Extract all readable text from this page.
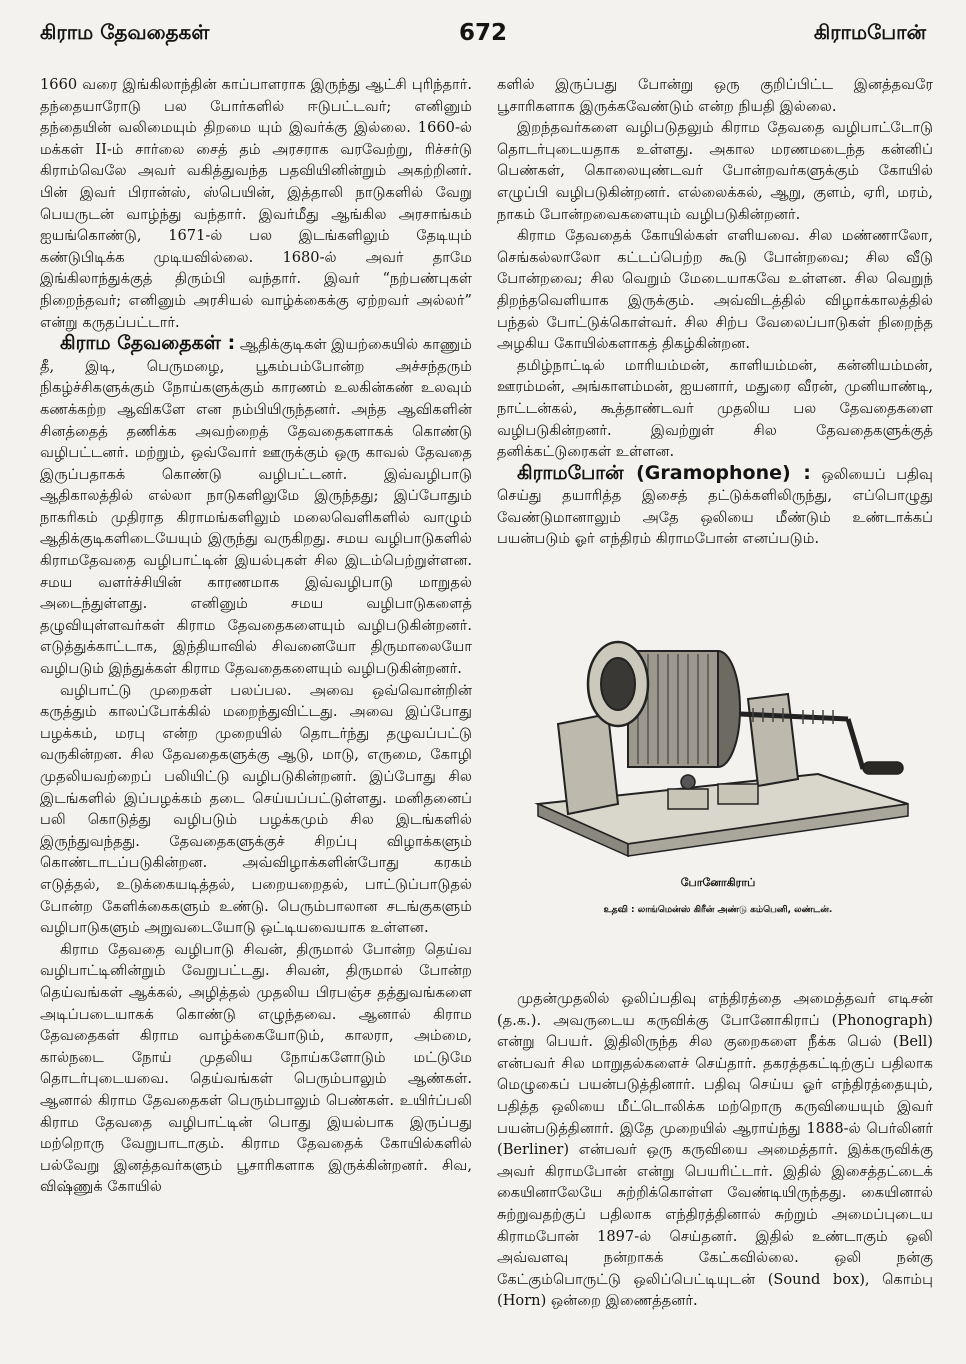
கிராம தேவதைகள்	672	கிராமபோன்

1660 வரை இங்கிலாந்தின் காப்பாளராக இருந்து ஆட்சி புரிந்தார். தந்தையாரோடு பல போர்களில் ஈடுபட்டவர்; எனினும் தந்தையின் வலிமையும் திறமை யும் இவர்க்கு இல்லை. 1660-ல் மக்கள் II-ம் சார்லை சைத் தம் அரசராக வரவேற்று, ரிச்சர்டு கிராம்வெலே அவர் வகித்துவந்த பதவியினின்றும் அகற்றினர். பின் இவர் பிரான்ஸ், ஸ்பெயின், இத்தாலி நாடுகளில் வேறு பெயருடன் வாழ்ந்து வந்தார். இவர்மீது ஆங்கில அரசாங்கம் ஐயங்கொண்டு, 1671-ல் பல இடங்களிலும் தேடியும் கண்டுபிடிக்க முடியவில்லை. 1680-ல் அவர் தாமே இங்கிலாந்துக்குத் திரும்பி வந்தார். இவர் “நற்பண்புகள் நிறைந்தவர்; எனினும் அரசியல் வாழ்க்கைக்கு ஏற்றவர் அல்லர்” என்று கருதப்பட்டார்.

கிராம தேவதைகள் : ஆதிக்குடிகள் இயற்கையில் காணும் தீ, இடி, பெருமழை, பூகம்பம்போன்ற அச்சந்தரும் நிகழ்ச்சிகளுக்கும் நோய்களுக்கும் காரணம் உலகின்கண் உலவும் கணக்கற்ற ஆவிகளே என நம்பியிருந்தனர். அந்த ஆவிகளின் சினத்தைத் தணிக்க அவற்றைத் தேவதைகளாகக் கொண்டு வழிபட்டனர். மற்றும், ஒவ்வோர் ஊருக்கும் ஒரு காவல் தேவதை இருப்பதாகக் கொண்டு வழிபட்டனர். இவ்வழிபாடு ஆதிகாலத்தில் எல்லா நாடுகளிலுமே இருந்தது; இப்போதும் நாகரிகம் முதிராத கிராமங்களிலும் மலைவெளிகளில் வாழும் ஆதிக்குடிகளிடையேயும் இருந்து வருகிறது. சமய வழிபாடுகளில் கிராமதேவதை வழிபாட்டின் இயல்புகள் சில இடம்பெற்றுள்ளன. சமய வளர்ச்சியின் காரணமாக இவ்வழிபாடு மாறுதல் அடைந்துள்ளது. எனினும் சமய வழிபாடுகளைத் தழுவியுள்ளவர்கள் கிராம தேவதைகளையும் வழிபடுகின்றனர். எடுத்துக்காட்டாக, இந்தியாவில் சிவனையோ திருமாலையோ வழிபடும் இந்துக்கள் கிராம தேவதைகளையும் வழிபடுகின்றனர்.

வழிபாட்டு முறைகள் பலப்பல. அவை ஒவ்வொன்றின் கருத்தும் காலப்போக்கில் மறைந்துவிட்டது. அவை இப்போது பழக்கம், மரபு என்ற முறையில் தொடர்ந்து தழுவப்பட்டு வருகின்றன. சில தேவதைகளுக்கு ஆடு, மாடு, எருமை, கோழி முதலியவற்றைப் பலியிட்டு வழிபடுகின்றனர். இப்போது சில இடங்களில் இப்பழக்கம் தடை செய்யப்பட்டுள்ளது. மனிதனைப் பலி கொடுத்து வழிபடும் பழக்கமும் சில இடங்களில் இருந்துவந்தது. தேவதைகளுக்குச் சிறப்பு விழாக்களும் கொண்டாடப்படுகின்றன. அவ்விழாக்களின்போது கரகம் எடுத்தல், உடுக்கையடித்தல், பறையறைதல், பாட்டுப்பாடுதல் போன்ற கேளிக்கைகளும் உண்டு. பெரும்பாலான சடங்குகளும் வழிபாடுகளும் அறுவடையோடு ஒட்டியவையாக உள்ளன.

கிராம தேவதை வழிபாடு சிவன், திருமால் போன்ற தெய்வ வழிபாட்டினின்றும் வேறுபட்டது. சிவன், திருமால் போன்ற தெய்வங்கள் ஆக்கல், அழித்தல் முதலிய பிரபஞ்ச தத்துவங்களை அடிப்படையாகக் கொண்டு எழுந்தவை. ஆனால் கிராம தேவதைகள் கிராம வாழ்க்கையோடும், காலரா, அம்மை, கால்நடை நோய் முதலிய நோய்களோடும் மட்டுமே தொடர்புடையவை. தெய்வங்கள் பெரும்பாலும் ஆண்கள். ஆனால் கிராம தேவதைகள் பெரும்பாலும் பெண்கள். உயிர்ப்பலி கிராம தேவதை வழிபாட்டின் பொது இயல்பாக இருப்பது மற்றொரு வேறுபாடாகும். கிராம தேவதைக் கோயில்களில் பல்வேறு இனத்தவர்களும் பூசாரிகளாக இருக்கின்றனர். சிவ, விஷ்ணுக் கோயில்

களில் இருப்பது போன்று ஒரு குறிப்பிட்ட இனத்தவரே பூசாரிகளாக இருக்கவேண்டும் என்ற நியதி இல்லை.

இறந்தவர்களை வழிபடுதலும் கிராம தேவதை வழிபாட்டோடு தொடர்புடையதாக உள்ளது. அகால மரணமடைந்த கன்னிப் பெண்கள், கொலையுண்டவர் போன்றவர்களுக்கும் கோயில் எழுப்பி வழிபடுகின்றனர். எல்லைக்கல், ஆறு, குளம், ஏரி, மரம், நாகம் போன்றவைகளையும் வழிபடுகின்றனர்.

கிராம தேவதைக் கோயில்கள் எளியவை. சில மண்ணாலோ, செங்கல்லாலோ கட்டப்பெற்ற கூடு போன்றவை; சில வீடு போன்றவை; சில வெறும் மேடையாகவே உள்ளன. சில வெறுந் திறந்தவெளியாக இருக்கும். அவ்விடத்தில் விழாக்காலத்தில் பந்தல் போட்டுக்கொள்வர். சில சிற்ப வேலைப்பாடுகள் நிறைந்த அழகிய கோயில்களாகத் திகழ்கின்றன.

தமிழ்நாட்டில் மாரியம்மன், காளியம்மன், கன்னியம்மன், ஊரம்மன், அங்காளம்மன், ஐயனார், மதுரை வீரன், முனியாண்டி, நாட்டன்கல், கூத்தாண்டவர் முதலிய பல தேவதைகளை வழிபடுகின்றனர். இவற்றுள் சில தேவதைகளுக்குத் தனிக்கட்டுரைகள் உள்ளன.

கிராமபோன் (Gramophone) : ஒலியைப் பதிவு செய்து தயாரித்த இசைத் தட்டுக்களிலிருந்து, எப்பொழுது வேண்டுமானாலும் அதே ஒலியை மீண்டும் உண்டாக்கப் பயன்படும் ஓர் எந்திரம் கிராமபோன் எனப்படும்.

போனோகிராப்
உதவி : லாங்மென்ஸ் கிரீன் அண்டு கம்பெனி, லண்டன்.

முதன்முதலில் ஒலிப்பதிவு எந்திரத்தை அமைத்தவர் எடிசன் (த.க.). அவருடைய கருவிக்கு போனோகிராப் (Phonograph) என்று பெயர். இதிலிருந்த சில குறைகளை நீக்க பெல் (Bell) என்பவர் சில மாறுதல்களைச் செய்தார். தகரத்தகட்டிற்குப் பதிலாக மெழுகைப் பயன்படுத்தினார். பதிவு செய்ய ஓர் எந்திரத்தையும், பதித்த ஒலியை மீட்டொலிக்க மற்றொரு கருவியையும் இவர் பயன்படுத்தினார். இதே முறையில் ஆராய்ந்து 1888-ல் பெர்லினர் (Berliner) என்பவர் ஒரு கருவியை அமைத்தார். இக்கருவிக்கு அவர் கிராமபோன் என்று பெயரிட்டார். இதில் இசைத்தட்டைக் கையினாலேயே சுற்றிக்கொள்ள வேண்டியிருந்தது. கையினால் சுற்றுவதற்குப் பதிலாக எந்திரத்தினால் சுற்றும் அமைப்புடைய கிராமபோன் 1897-ல் செய்தனர். இதில் உண்டாகும் ஒலி அவ்வளவு நன்றாகக் கேட்கவில்லை. ஒலி நன்கு கேட்கும்பொருட்டு ஒலிப்பெட்டியுடன் (Sound box), கொம்பு (Horn) ஒன்றை இணைத்தனர்.
